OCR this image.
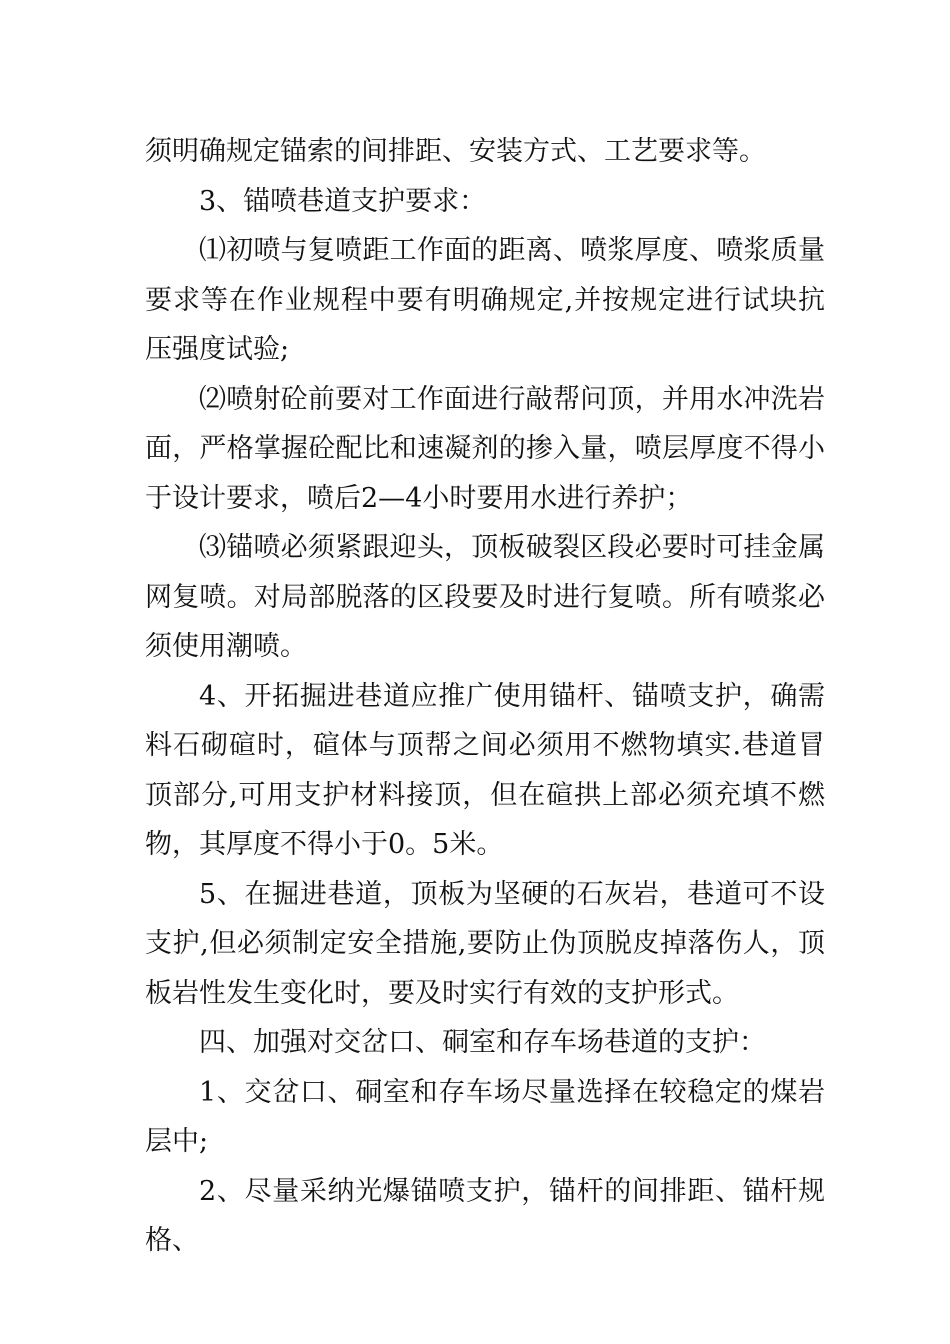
须明确规定锚索的间排距、安装方式、工艺要求等。

3、锚喷巷道支护要求：

⑴初喷与复喷距工作面的距离、喷浆厚度、喷浆质量要求等在作业规程中要有明确规定,并按规定进行试块抗压强度试验;

⑵喷射砼前要对工作面进行敲帮问顶，并用水冲洗岩面，严格掌握砼配比和速凝剂的掺入量，喷层厚度不得小于设计要求，喷后2—4小时要用水进行养护；

⑶锚喷必须紧跟迎头，顶板破裂区段必要时可挂金属网复喷。对局部脱落的区段要及时进行复喷。所有喷浆必须使用潮喷。

4、开拓掘进巷道应推广使用锚杆、锚喷支护，确需料石砌碹时，碹体与顶帮之间必须用不燃物填实.巷道冒顶部分,可用支护材料接顶，但在碹拱上部必须充填不燃物，其厚度不得小于0。5米。

5、在掘进巷道，顶板为坚硬的石灰岩，巷道可不设支护,但必须制定安全措施,要防止伪顶脱皮掉落伤人，顶板岩性发生变化时，要及时实行有效的支护形式。

四、加强对交岔口、硐室和存车场巷道的支护：

1、交岔口、硐室和存车场尽量选择在较稳定的煤岩层中;

2、尽量采纳光爆锚喷支护，锚杆的间排距、锚杆规格、
